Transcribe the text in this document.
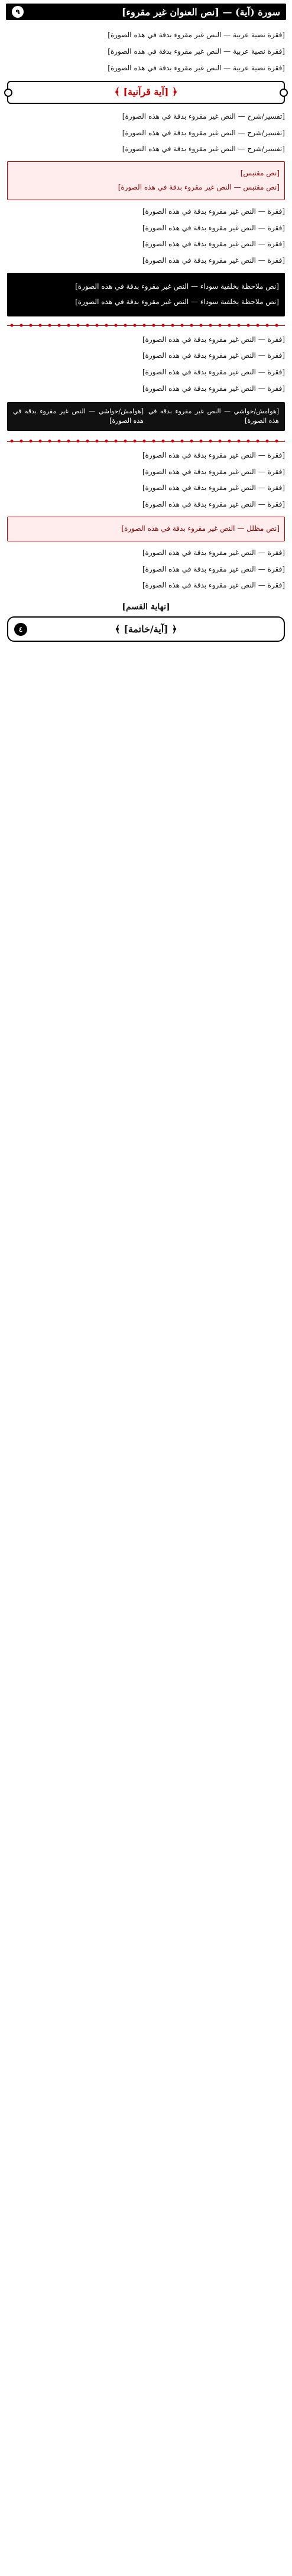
سورة (آية) — [نص العنوان غير مقروء]
٩

[فقرة نصية عربية — النص غير مقروء بدقة في هذه الصورة]

[فقرة نصية عربية — النص غير مقروء بدقة في هذه الصورة]

[فقرة نصية عربية — النص غير مقروء بدقة في هذه الصورة]

﴿ [آية قرآنية] ﴾

[تفسير/شرح — النص غير مقروء بدقة في هذه الصورة]

[تفسير/شرح — النص غير مقروء بدقة في هذه الصورة]

[تفسير/شرح — النص غير مقروء بدقة في هذه الصورة]

[نص مقتبس]
[نص مقتبس — النص غير مقروء بدقة في هذه الصورة]

[فقرة — النص غير مقروء بدقة في هذه الصورة]

[فقرة — النص غير مقروء بدقة في هذه الصورة]

[فقرة — النص غير مقروء بدقة في هذه الصورة]

[فقرة — النص غير مقروء بدقة في هذه الصورة]

[نص ملاحظة بخلفية سوداء — النص غير مقروء بدقة في هذه الصورة]
[نص ملاحظة بخلفية سوداء — النص غير مقروء بدقة في هذه الصورة]

[فقرة — النص غير مقروء بدقة في هذه الصورة]

[فقرة — النص غير مقروء بدقة في هذه الصورة]

[فقرة — النص غير مقروء بدقة في هذه الصورة]

[فقرة — النص غير مقروء بدقة في هذه الصورة]

[هوامش/حواشي — النص غير مقروء بدقة في هذه الصورة]
[هوامش/حواشي — النص غير مقروء بدقة في هذه الصورة]

[فقرة — النص غير مقروء بدقة في هذه الصورة]

[فقرة — النص غير مقروء بدقة في هذه الصورة]

[فقرة — النص غير مقروء بدقة في هذه الصورة]

[فقرة — النص غير مقروء بدقة في هذه الصورة]

[نص مظلل — النص غير مقروء بدقة في هذه الصورة]

[فقرة — النص غير مقروء بدقة في هذه الصورة]

[فقرة — النص غير مقروء بدقة في هذه الصورة]

[فقرة — النص غير مقروء بدقة في هذه الصورة]

[نهاية القسم]
٤	﴿ [آية/خاتمة] ﴾
